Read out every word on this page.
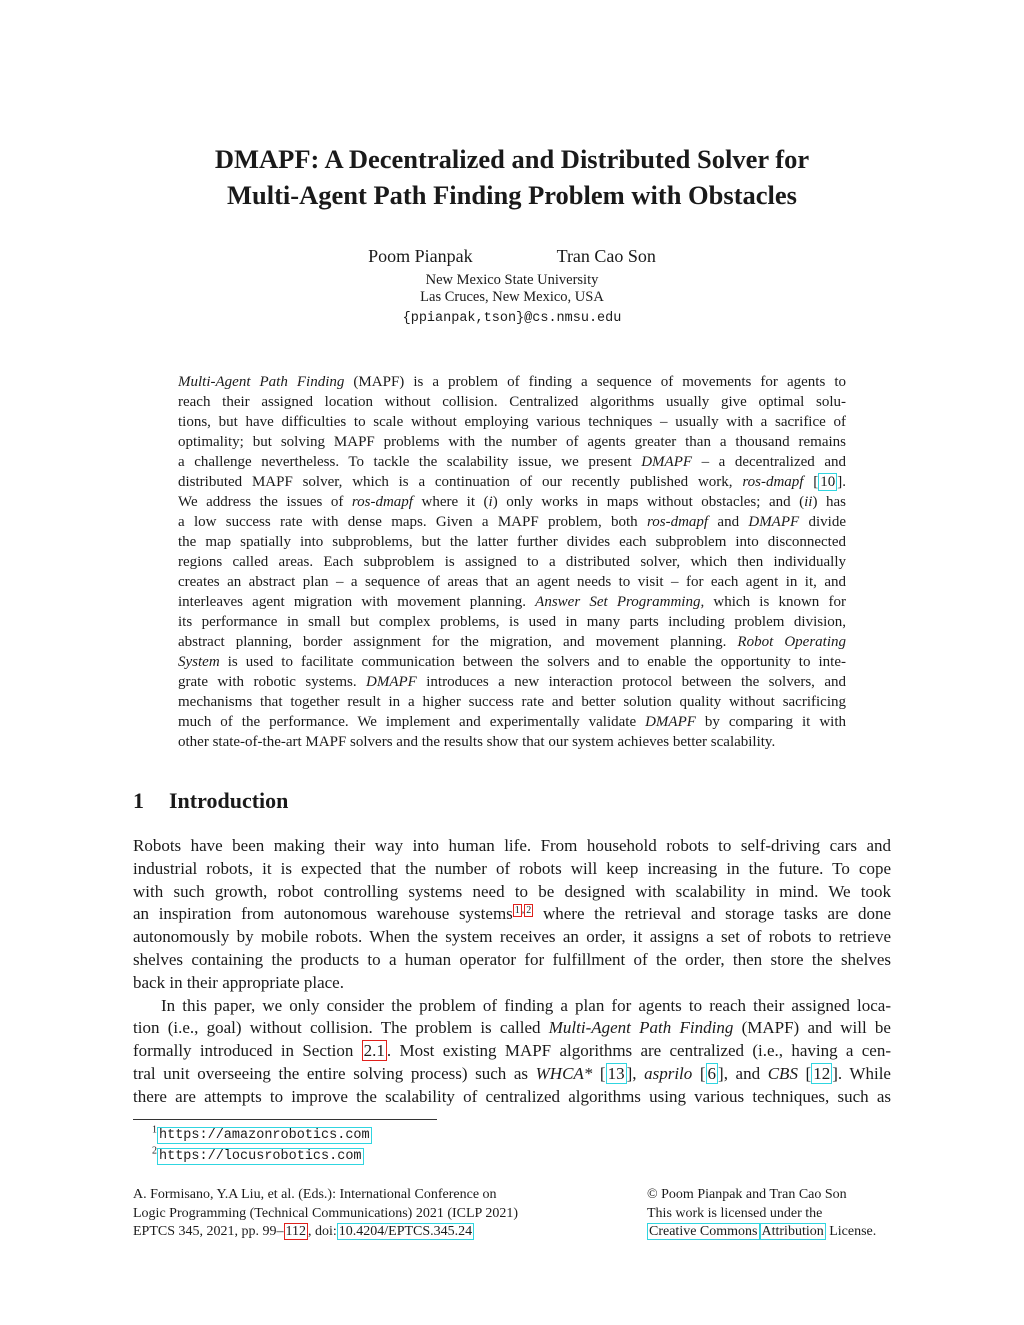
DMAPF: A Decentralized and Distributed Solver for
Multi-Agent Path Finding Problem with Obstacles
Poom Pianpak	Tran Cao Son
New Mexico State University
Las Cruces, New Mexico, USA
{ppianpak,tson}@cs.nmsu.edu
Multi-Agent Path Finding (MAPF) is a problem of finding a sequence of movements for agents to
reach their assigned location without collision. Centralized algorithms usually give optimal solu-
tions, but have difficulties to scale without employing various techniques – usually with a sacrifice of
optimality; but solving MAPF problems with the number of agents greater than a thousand remains
a challenge nevertheless. To tackle the scalability issue, we present DMAPF – a decentralized and
distributed MAPF solver, which is a continuation of our recently published work, ros-dmapf [ 10 ].
We address the issues of ros-dmapf where it (i) only works in maps without obstacles; and (ii) has
a low success rate with dense maps. Given a MAPF problem, both ros-dmapf and DMAPF divide
the map spatially into subproblems, but the latter further divides each subproblem into disconnected
regions called areas. Each subproblem is assigned to a distributed solver, which then individually
creates an abstract plan – a sequence of areas that an agent needs to visit – for each agent in it, and
interleaves agent migration with movement planning. Answer Set Programming, which is known for
its performance in small but complex problems, is used in many parts including problem division,
abstract planning, border assignment for the migration, and movement planning. Robot Operating
System is used to facilitate communication between the solvers and to enable the opportunity to inte-
grate with robotic systems. DMAPF introduces a new interaction protocol between the solvers, and
mechanisms that together result in a higher success rate and better solution quality without sacrificing
much of the performance. We implement and experimentally validate DMAPF by comparing it with
other state-of-the-art MAPF solvers and the results show that our system achieves better scalability.
1 Introduction
Robots have been making their way into human life. From household robots to self-driving cars and
industrial robots, it is expected that the number of robots will keep increasing in the future. To cope
with such growth, robot controlling systems need to be designed with scalability in mind. We took
an inspiration from autonomous warehouse systems $^1$ , $^2$ where the retrieval and storage tasks are done
autonomously by mobile robots. When the system receives an order, it assigns a set of robots to retrieve
shelves containing the products to a human operator for fulfillment of the order, then store the shelves
back in their appropriate place.
In this paper, we only consider the problem of finding a plan for agents to reach their assigned loca-
tion (i.e., goal) without collision. The problem is called Multi-Agent Path Finding (MAPF) and will be
formally introduced in Section 2.1 . Most existing MAPF algorithms are centralized (i.e., having a cen-
tral unit overseeing the entire solving process) such as WHCA* [ 13 ], asprilo [ 6 ], and CBS [ 12 ]. While
there are attempts to improve the scalability of centralized algorithms using various techniques, such as
$^1$ https://amazonrobotics.com
$^2$ https://locusrobotics.com
A. Formisano, Y.A Liu, et al. (Eds.): International Conference on
Logic Programming (Technical Communications) 2021 (ICLP 2021)
EPTCS 345, 2021, pp. 99– 112 , doi: 10.4204/EPTCS.345.24
© Poom Pianpak and Tran Cao Son
This work is licensed under the
Creative Commons Attribution License.
